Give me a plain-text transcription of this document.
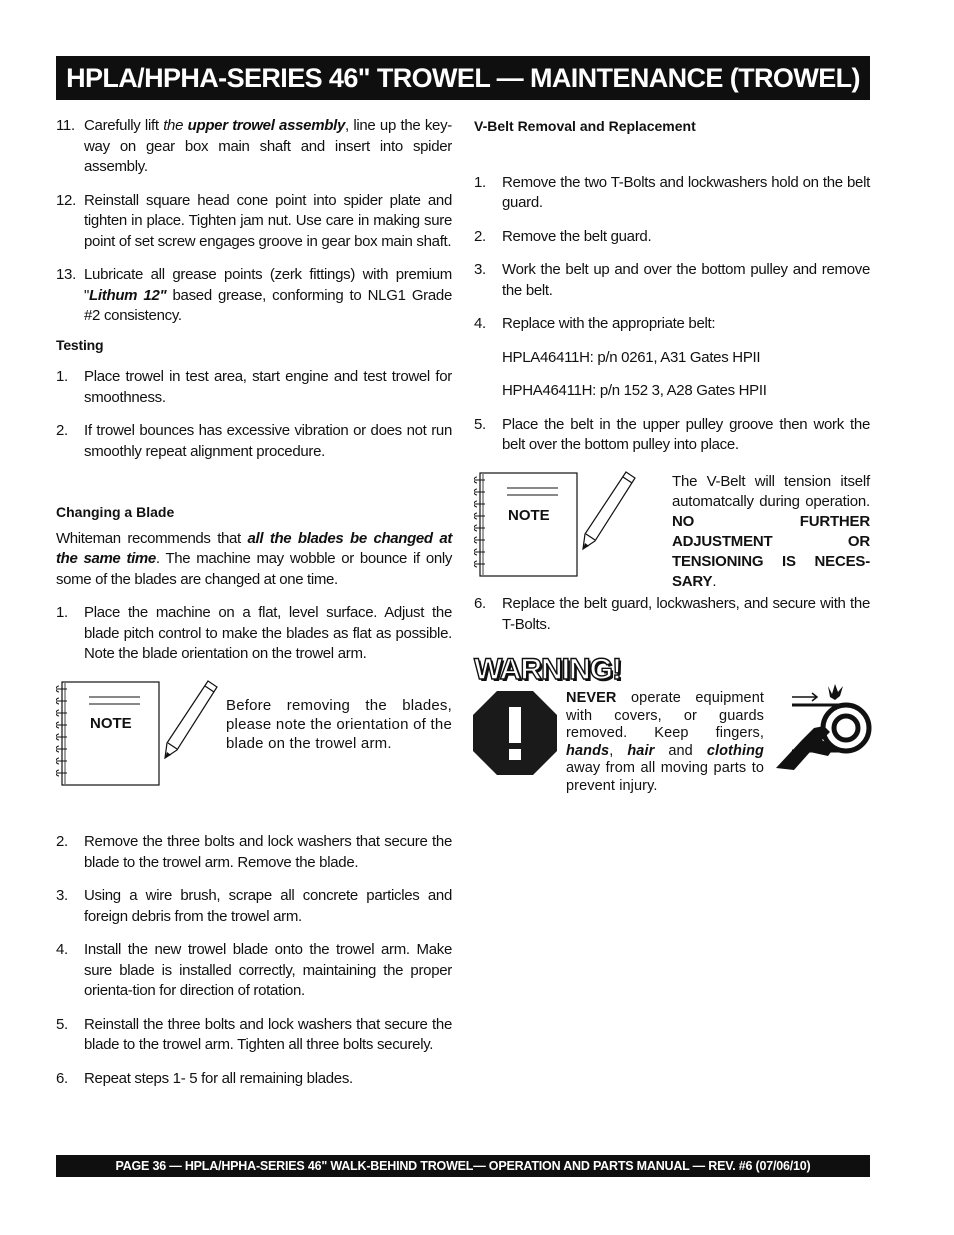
HPLA/HPHA-SERIES 46" TROWEL — MAINTENANCE (TROWEL)
11. Carefully lift the upper trowel assembly, line up the key-way on gear box main shaft and insert into spider assembly.
12. Reinstall square head cone point into spider plate and tighten in place. Tighten jam nut. Use care in making sure point of set screw engages groove in gear box main shaft.
13. Lubricate all grease points (zerk fittings) with premium "Lithum 12" based grease, conforming to NLG1 Grade #2 consistency.
Testing
1. Place trowel in test area, start engine and test trowel for smoothness.
2. If trowel bounces has excessive vibration or does not run smoothly repeat alignment procedure.
Changing a Blade

Whiteman recommends that all the blades be changed at the same time. The machine may wobble or bounce if only some of the blades are changed at one time.

1. Place the machine on a flat, level surface. Adjust the blade pitch control to make the blades as flat as possible. Note the blade orientation on the trowel arm.
NOTE
Before removing the blades, please note the orientation of the blade on the trowel arm.
2. Remove the three bolts and lock washers that secure the blade to the trowel arm. Remove the blade.
3. Using a wire brush, scrape all concrete particles and foreign debris from the trowel arm.
4. Install the new trowel blade onto the trowel arm. Make sure blade is installed correctly, maintaining the proper orienta-tion for direction of rotation.
5. Reinstall the three bolts and lock washers that secure the blade to the trowel arm. Tighten all three bolts securely.
6. Repeat steps 1- 5 for all remaining blades.
V-Belt Removal and Replacement
1. Remove the two T-Bolts and lockwashers hold on the belt guard.
2. Remove the belt guard.
3. Work the belt up and over the bottom pulley and remove the belt.
4. Replace with the appropriate belt:
HPLA46411H: p/n 0261, A31 Gates HPII
HPHA46411H: p/n 152 3, A28 Gates HPII
5. Place the belt in the upper pulley groove then work the belt over the bottom pulley into place.
NOTE
The V-Belt will tension itself automatcally during operation. NO FURTHER ADJUSTMENT OR TENSIONING IS NECES-SARY.
6. Replace the belt guard, lockwashers, and secure with the T-Bolts.
WARNING!
NEVER operate equipment with covers, or guards removed. Keep fingers, hands, hair and clothing away from all moving parts to prevent injury.
PAGE 36 — HPLA/HPHA-SERIES 46" WALK-BEHIND TROWEL— OPERATION AND PARTS MANUAL — REV. #6 (07/06/10)
